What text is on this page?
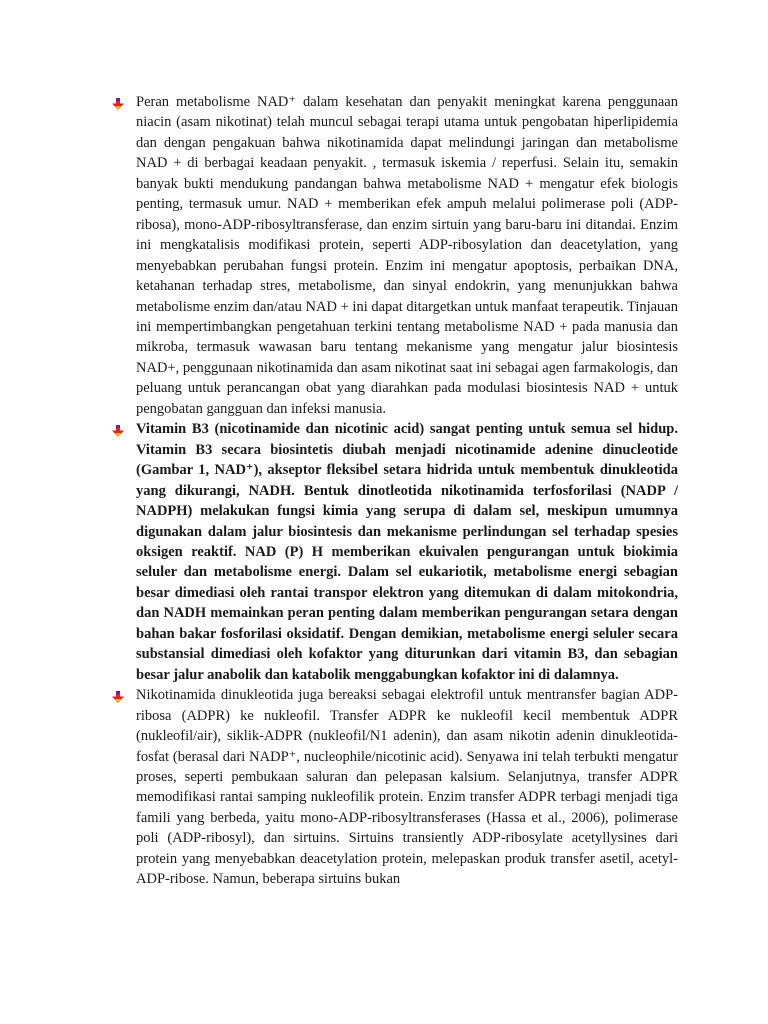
Peran metabolisme NAD⁺ dalam kesehatan dan penyakit meningkat karena penggunaan niacin (asam nikotinat) telah muncul sebagai terapi utama untuk pengobatan hiperlipidemia dan dengan pengakuan bahwa nikotinamida dapat melindungi jaringan dan metabolisme NAD + di berbagai keadaan penyakit. , termasuk iskemia / reperfusi. Selain itu, semakin banyak bukti mendukung pandangan bahwa metabolisme NAD + mengatur efek biologis penting, termasuk umur. NAD + memberikan efek ampuh melalui polimerase poli (ADP-ribosa), mono-ADP-ribosyltransferase, dan enzim sirtuin yang baru-baru ini ditandai. Enzim ini mengkatalisis modifikasi protein, seperti ADP-ribosylation dan deacetylation, yang menyebabkan perubahan fungsi protein. Enzim ini mengatur apoptosis, perbaikan DNA, ketahanan terhadap stres, metabolisme, dan sinyal endokrin, yang menunjukkan bahwa metabolisme enzim dan/atau NAD + ini dapat ditargetkan untuk manfaat terapeutik. Tinjauan ini mempertimbangkan pengetahuan terkini tentang metabolisme NAD + pada manusia dan mikroba, termasuk wawasan baru tentang mekanisme yang mengatur jalur biosintesis NAD+, penggunaan nikotinamida dan asam nikotinat saat ini sebagai agen farmakologis, dan peluang untuk perancangan obat yang diarahkan pada modulasi biosintesis NAD + untuk pengobatan gangguan dan infeksi manusia.
Vitamin B3 (nicotinamide dan nicotinic acid) sangat penting untuk semua sel hidup. Vitamin B3 secara biosintetis diubah menjadi nicotinamide adenine dinucleotide (Gambar 1, NAD⁺), akseptor fleksibel setara hidrida untuk membentuk dinukleotida yang dikurangi, NADH. Bentuk dinotleotida nikotinamida terfosforilasi (NADP / NADPH) melakukan fungsi kimia yang serupa di dalam sel, meskipun umumnya digunakan dalam jalur biosintesis dan mekanisme perlindungan sel terhadap spesies oksigen reaktif. NAD (P) H memberikan ekuivalen pengurangan untuk biokimia seluler dan metabolisme energi. Dalam sel eukariotik, metabolisme energi sebagian besar dimediasi oleh rantai transpor elektron yang ditemukan di dalam mitokondria, dan NADH memainkan peran penting dalam memberikan pengurangan setara dengan bahan bakar fosforilasi oksidatif. Dengan demikian, metabolisme energi seluler secara substansial dimediasi oleh kofaktor yang diturunkan dari vitamin B3, dan sebagian besar jalur anabolik dan katabolik menggabungkan kofaktor ini di dalamnya.
Nikotinamida dinukleotida juga bereaksi sebagai elektrofil untuk mentransfer bagian ADP-ribosa (ADPR) ke nukleofil. Transfer ADPR ke nukleofil kecil membentuk ADPR (nukleofil/air), siklik-ADPR (nukleofil/N1 adenin), dan asam nikotin adenin dinukleotida-fosfat (berasal dari NADP⁺, nucleophile/nicotinic acid). Senyawa ini telah terbukti mengatur proses, seperti pembukaan saluran dan pelepasan kalsium. Selanjutnya, transfer ADPR memodifikasi rantai samping nukleofilik protein. Enzim transfer ADPR terbagi menjadi tiga famili yang berbeda, yaitu mono-ADP-ribosyltransferases (Hassa et al., 2006), polimerase poli (ADP-ribosyl), dan sirtuins. Sirtuins transiently ADP-ribosylate acetyllysines dari protein yang menyebabkan deacetylation protein, melepaskan produk transfer asetil, acetyl-ADP-ribose. Namun, beberapa sirtuins bukan
